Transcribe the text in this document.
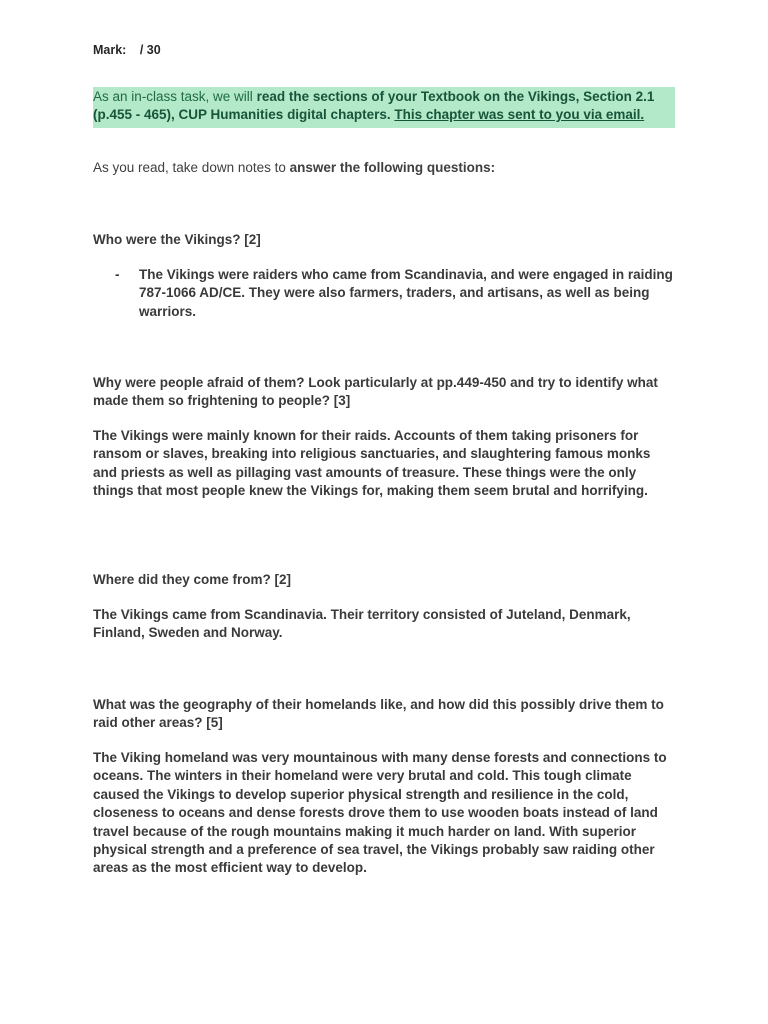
Mark: / 30
As an in-class task, we will read the sections of your Textbook on the Vikings, Section 2.1 (p.455 - 465), CUP Humanities digital chapters. This chapter was sent to you via email.
As you read, take down notes to answer the following questions:
Who were the Vikings? [2]
- The Vikings were raiders who came from Scandinavia, and were engaged in raiding 787-1066 AD/CE. They were also farmers, traders, and artisans, as well as being warriors.
Why were people afraid of them? Look particularly at pp.449-450 and try to identify what made them so frightening to people? [3]
The Vikings were mainly known for their raids. Accounts of them taking prisoners for ransom or slaves, breaking into religious sanctuaries, and slaughtering famous monks and priests as well as pillaging vast amounts of treasure. These things were the only things that most people knew the Vikings for, making them seem brutal and horrifying.
Where did they come from? [2]
The Vikings came from Scandinavia. Their territory consisted of Juteland, Denmark, Finland, Sweden and Norway.
What was the geography of their homelands like, and how did this possibly drive them to raid other areas? [5]
The Viking homeland was very mountainous with many dense forests and connections to oceans. The winters in their homeland were very brutal and cold. This tough climate caused the Vikings to develop superior physical strength and resilience in the cold, closeness to oceans and dense forests drove them to use wooden boats instead of land travel because of the rough mountains making it much harder on land. With superior physical strength and a preference of sea travel, the Vikings probably saw raiding other areas as the most efficient way to develop.
